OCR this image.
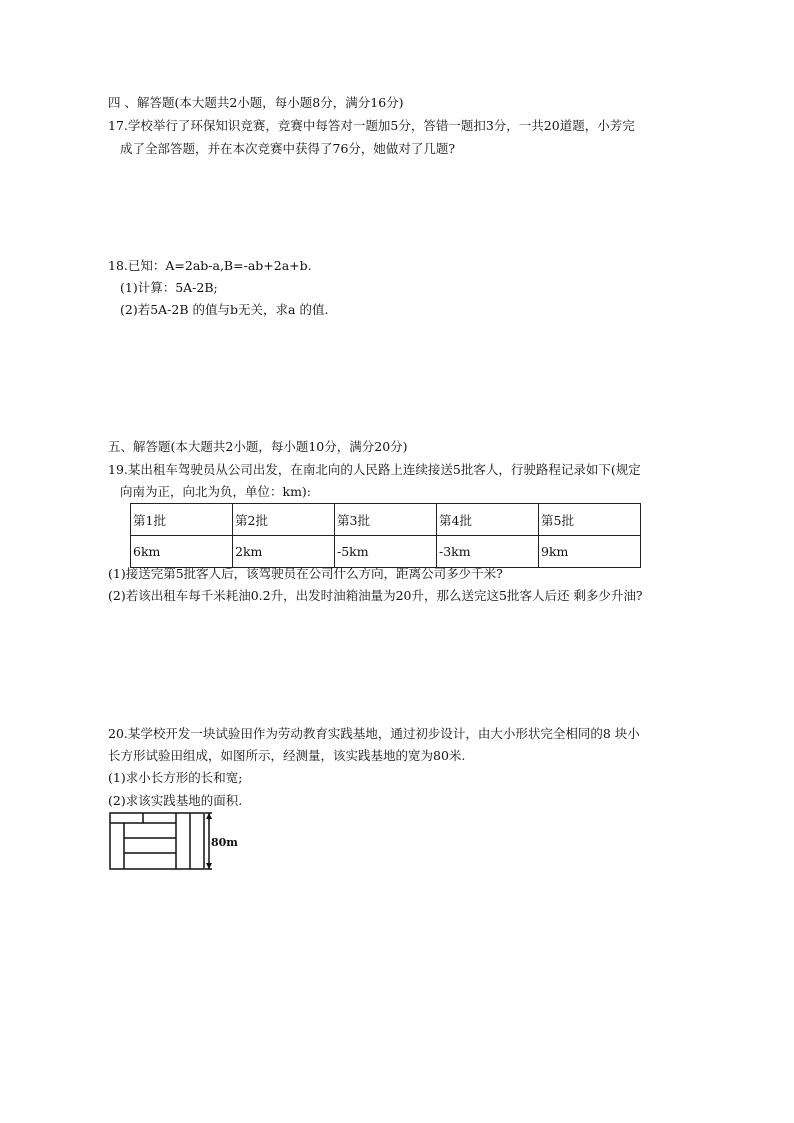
四 、解答题(本大题共2小题，每小题8分，满分16分)
17.学校举行了环保知识竞赛，竞赛中每答对一题加5分，答错一题扣3分，一共20道题，小芳完
成了全部答题，并在本次竞赛中获得了76分，她做对了几题?
18.已知：A=2ab-a,B=-ab+2a+b.
(1)计算：5A-2B;
(2)若5A-2B 的值与b无关，求a 的值.
五、解答题(本大题共2小题，每小题10分，满分20分)
19.某出租车驾驶员从公司出发，在南北向的人民路上连续接送5批客人，行驶路程记录如下(规定
向南为正，向北为负，单位：km):
第1批	第2批	第3批	第4批	第5批
6km	2km	-5km	-3km	9km
(1)接送完第5批客人后，该驾驶员在公司什么方向，距离公司多少千米?
(2)若该出租车每千米耗油0.2升，出发时油箱油量为20升，那么送完这5批客人后还 剩多少升油?
20.某学校开发一块试验田作为劳动教育实践基地，通过初步设计，由大小形状完全相同的8 块小
长方形试验田组成，如图所示，经测量，该实践基地的宽为80米.
(1)求小长方形的长和宽;
(2)求该实践基地的面积.
80m
